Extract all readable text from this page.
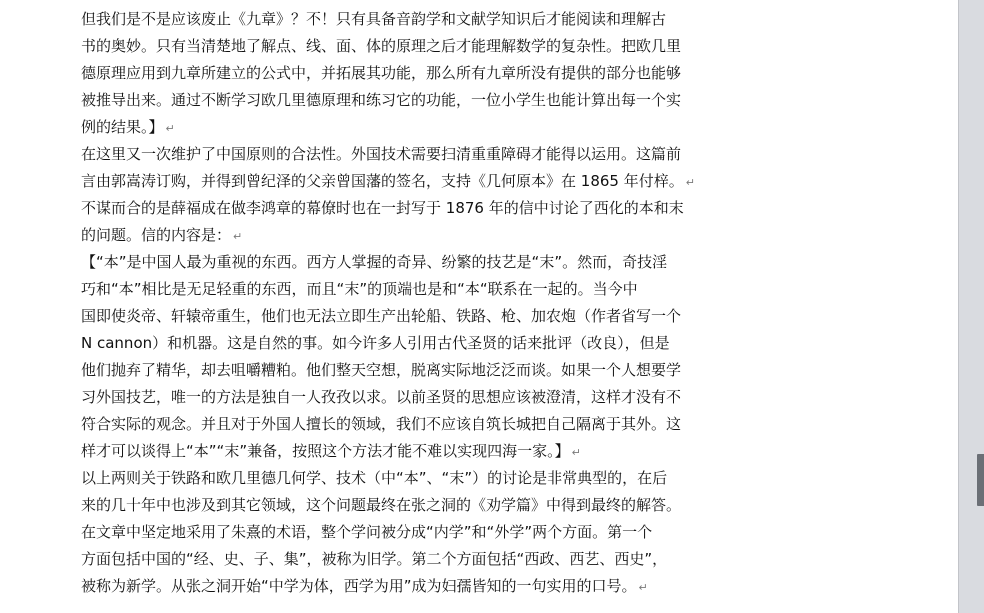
但我们是不是应该废止《九章》？不！只有具备音韵学和文献学知识后才能阅读和理解古
书的奥妙。只有当清楚地了解点、线、面、体的原理之后才能理解数学的复杂性。把欧几里
德原理应用到九章所建立的公式中，并拓展其功能，那么所有九章所没有提供的部分也能够
被推导出来。通过不断学习欧几里德原理和练习它的功能，一位小学生也能计算出每一个实
例的结果。】 ↵
在这里又一次维护了中国原则的合法性。外国技术需要扫清重重障碍才能得以运用。这篇前
言由郭嵩涛订购，并得到曾纪泽的父亲曾国藩的签名，支持《几何原本》在 1865 年付梓。 ↵
不谋而合的是薛福成在做李鸿章的幕僚时也在一封写于 1876 年的信中讨论了西化的本和末
的问题。信的内容是： ↵
【“本”是中国人最为重视的东西。西方人掌握的奇异、纷繁的技艺是“末”。然而，奇技淫
巧和“本”相比是无足轻重的东西，而且“末”的顶端也是和“本“联系在一起的。当今中
国即使炎帝、轩辕帝重生，他们也无法立即生产出轮船、铁路、枪、加农炮（作者省写一个
N cannon）和机器。这是自然的事。如今许多人引用古代圣贤的话来批评（改良），但是
他们抛弃了精华，却去咀嚼糟粕。他们整天空想，脱离实际地泛泛而谈。如果一个人想要学
习外国技艺，唯一的方法是独自一人孜孜以求。以前圣贤的思想应该被澄清，这样才没有不
符合实际的观念。并且对于外国人擅长的领域，我们不应该自筑长城把自己隔离于其外。这
样才可以谈得上“本”“末”兼备，按照这个方法才能不难以实现四海一家。】 ↵
以上两则关于铁路和欧几里德几何学、技术（中“本”、“末”）的讨论是非常典型的，在后
来的几十年中也涉及到其它领域，这个问题最终在张之洞的《劝学篇》中得到最终的解答。
在文章中坚定地采用了朱熹的术语，整个学问被分成“内学”和“外学”两个方面。第一个
方面包括中国的“经、史、子、集”，被称为旧学。第二个方面包括“西政、西艺、西史”，
被称为新学。从张之洞开始“中学为体，西学为用”成为妇孺皆知的一句实用的口号。 ↵
